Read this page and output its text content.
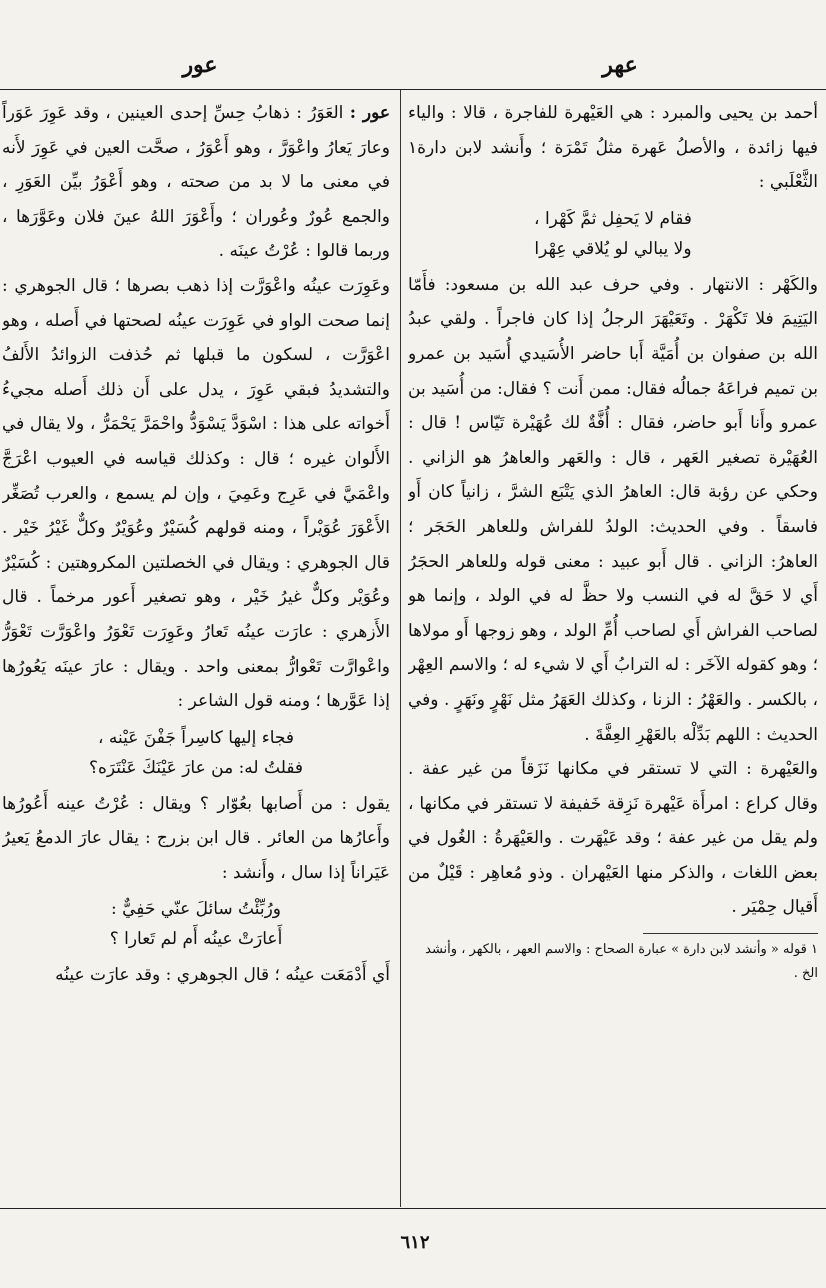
عهر
عور

أحمد بن يحيى والمبرد : هي العَيْهرة للفاجرة ، قالا : والياء فيها زائدة ، والأصلُ عَهرة مثلُ تَمْرَة ؛ وأَنشد لابن دارة١ الثَّعْلَبي :

فقام لا يَحفِل ثمَّ كَهْرا ،
ولا يبالي لو يُلاقي عِهْرا

والكَهْر : الانتهار . وفي حرف عبد الله بن مسعود: فأَمّا اليَتِيمَ فلا تَكْهَرْ . وتَعَيْهَرَ الرجلُ إذا كان فاجراً . ولقي عبدُ الله بن صفوان بن أُمَيَّة أَبا حاضر الأُسَيدي أُسَيد بن عمرو بن تميم فراعَهُ جمالُه فقال: ممن أَنت ؟ فقال: من أُسَيد بن عمرو وأَنا أَبو حاضر، فقال : أُفَّةٌ لك عُهَيْرة تَيّاس ! قال : العُهَيْرة تصغير العَهر ، قال : والعَهر والعاهرُ هو الزاني . وحكي عن رؤبة قال: العاهرُ الذي يَتْبَع الشرَّ ، زانياً كان أَو فاسقاً . وفي الحديث: الولدُ للفراش وللعاهر الحَجَر ؛ العاهرُ: الزاني . قال أَبو عبيد : معنى قوله وللعاهر الحجَرُ أَي لا حَقَّ له في النسب ولا حظَّ له في الولد ، وإنما هو لصاحب الفراش أَي لصاحب أُمِّ الولد ، وهو زوجها أَو مولاها ؛ وهو كقوله الآخَر : له الترابُ أَي لا شيء له ؛ والاسم العِهْر ، بالكسر . والعَهْرُ : الزنا ، وكذلك العَهَرُ مثل نَهْرٍ ونَهَرٍ . وفي الحديث : اللهم بَدِّلْه بالعَهْرِ العِفَّةَ .

والعَيْهرة : التي لا تستقر في مكانها نَزَقاً من غير عفة . وقال كراع : امرأَة عَيْهرة نَزِقة خَفيفة لا تستقر في مكانها ، ولم يقل من غير عفة ؛ وقد عَيْهَرت . والعَيْهَرةُ : الغُول في بعض اللغات ، والذكر منها العَيْهران . وذو مُعاهِر : قَيْلٌ من أَقيال حِمْيَر .

١ قوله « وأنشد لابن دارة » عبارة الصحاح : والاسم العهر ، بالكهر ، وأنشد الخ .

عور : العَوَرُ : ذهابُ حِسِّ إحدى العينين ، وقد عَوِرَ عَوَراً وعارَ يَعارُ واعْوَرَّ ، وهو أَعْوَرُ ، صحَّت العين في عَوِرَ لأَنه في معنى ما لا بد من صحته ، وهو أَعْوَرُ بيِّن العَوَرِ ، والجمع عُورٌ وعُوران ؛ وأَعْوَرَ اللهُ عينَ فلان وعَوَّرَها ، وربما قالوا : عُرْتُ عينَه .

وعَوِرَت عينُه واعْوَرَّت إذا ذهب بصرها ؛ قال الجوهري : إنما صحت الواو في عَوِرَت عينُه لصحتها في أَصله ، وهو اعْوَرَّت ، لسكون ما قبلها ثم حُذفت الزوائدُ الأَلفُ والتشديدُ فبقي عَوِرَ ، يدل على أَن ذلك أَصله مجيءُ أَخواته على هذا : اسْوَدَّ يَسْوَدُّ واحْمَرَّ يَحْمَرُّ ، ولا يقال في الأَلوان غيره ؛ قال : وكذلك قياسه في العيوب اعْرَجَّ واعْمَيَّ في عَرِج وعَمِيَ ، وإن لم يسمع ، والعرب تُصَغِّر الأَعْوَرَ عُوَيْراً ، ومنه قولهم كُسَيْرٌ وعُوَيْرٌ وكلٌّ غَيْرُ خَيْر . قال الجوهري : ويقال في الخصلتين المكروهتين : كُسَيْرٌ وعُوَيْر وكلٌّ غيرُ خَيْر ، وهو تصغير أَعور مرخماً . قال الأَزهري : عارَت عينُه تَعارُ وعَوِرَت تَعْوَرُ واعْوَرَّت تَعْوَرُّ واعْوارَّت تَعْوارُّ بمعنى واحد . ويقال : عارَ عينَه يَعُورُها إذا عَوَّرها ؛ ومنه قول الشاعر :

فجاء إليها كاسِراً جَفْنَ عَيْنه ،
فقلتُ له: من عارَ عَيْنَكَ عَنْتَرَه؟

يقول : من أَصابها بعُوّار ؟ ويقال : عُرْتُ عينه أَعُورُها وأَعارُها من العائر . قال ابن بزرج : يقال عارَ الدمعُ يَعيرُ عَيَراناً إذا سال ، وأَنشد :

ورُبِّئْتُ سائلَ عنّي حَفِيٌّ :
أَعارَتْ عينُه أَم لم تَعارا ؟

أَي أَدْمَعَت عينُه ؛ قال الجوهري : وقد عارَت عينُه

٦١٢
